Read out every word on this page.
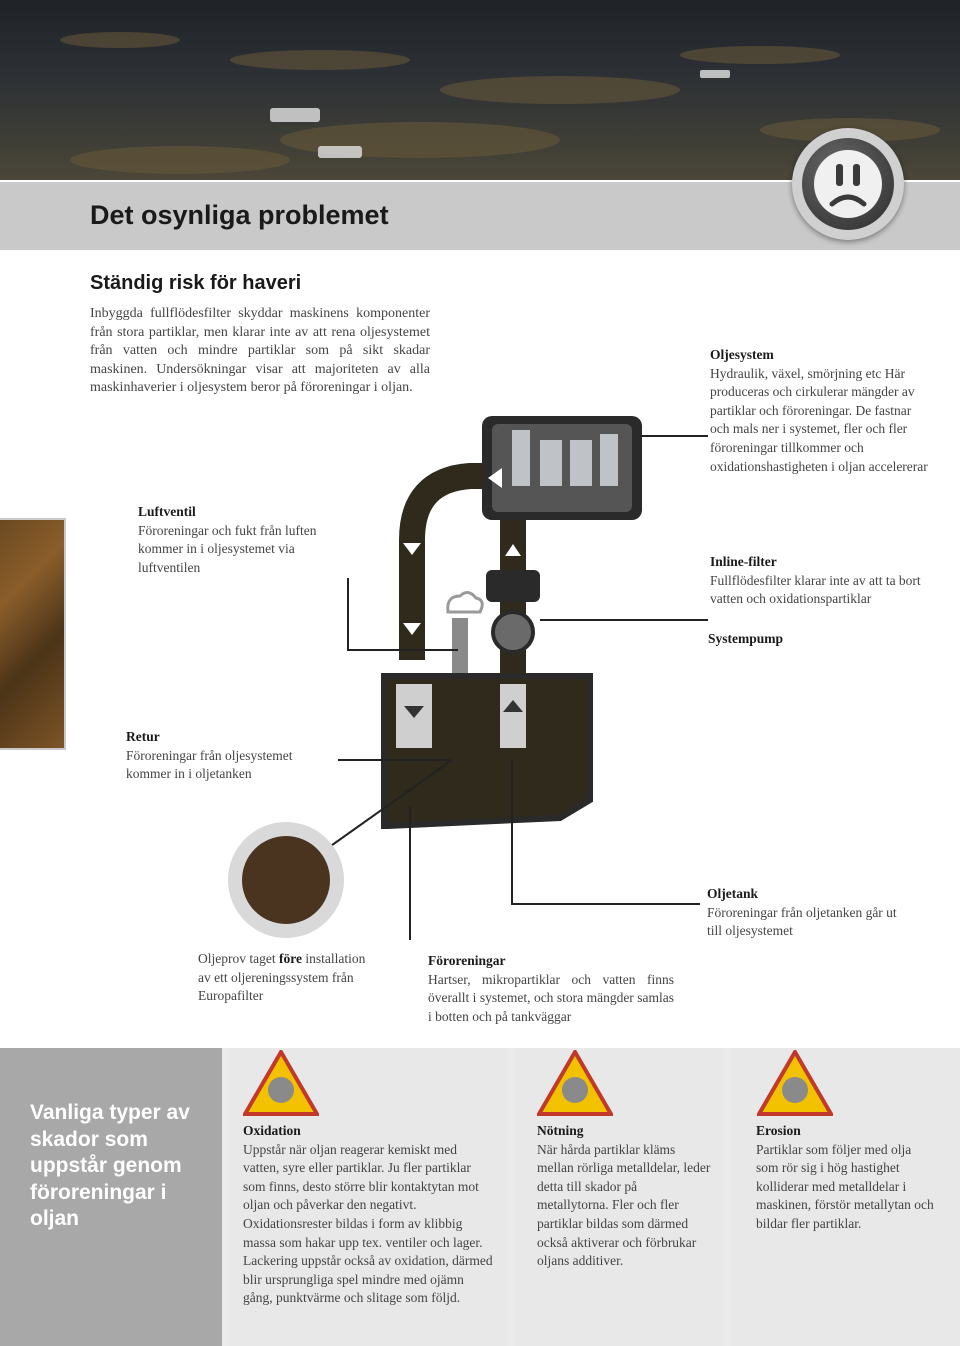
Det osynliga problemet
Ständig risk för haveri
Inbyggda fullflödesfilter skyddar maskinens komponenter från stora partiklar, men klarar inte av att rena oljesystemet från vatten och mindre partiklar som på sikt skadar maskinen. Undersökningar visar att majoriteten av alla maskinhaverier i oljesystem beror på föroreningar i oljan.
Luftventil
Föroreningar och fukt från luften kommer in i oljesystemet via luftventilen
Oljesystem
Hydraulik, växel, smörjning etc Här produceras och cirkulerar mängder av partiklar och föroreningar. De fastnar och mals ner i systemet, fler och fler föroreningar tillkommer och oxidationshastigheten i oljan accelererar
Inline-filter
Fullflödesfilter klarar inte av att ta bort vatten och oxidationspartiklar
Systempump
Retur
Föroreningar från oljesystemet kommer in i oljetanken
Oljetank
Föroreningar från oljetanken går ut till oljesystemet
Oljeprov taget före installation av ett oljereningssystem från Europafilter
Föroreningar
Hartser, mikropartiklar och vatten finns överallt i systemet, och stora mängder samlas i botten och på tankväggar
Vanliga typer av skador som uppstår genom föroreningar i oljan
Oxidation
Uppstår när oljan reagerar kemiskt med vatten, syre eller partiklar. Ju fler partiklar som finns, desto större blir kontaktytan mot oljan och påverkar den negativt. Oxidationsrester bildas i form av klibbig massa som hakar upp tex. ventiler och lager. Lackering uppstår också av oxidation, därmed blir ursprungliga spel mindre med ojämn gång, punktvärme och slitage som följd.
Nötning
När hårda partiklar kläms mellan rörliga metalldelar, leder detta till skador på metallytorna. Fler och fler partiklar bildas som därmed också aktiverar och förbrukar oljans additiver.
Erosion
Partiklar som följer med olja som rör sig i hög hastighet kolliderar med metalldelar i maskinen, förstör metallytan och bildar fler partiklar.
